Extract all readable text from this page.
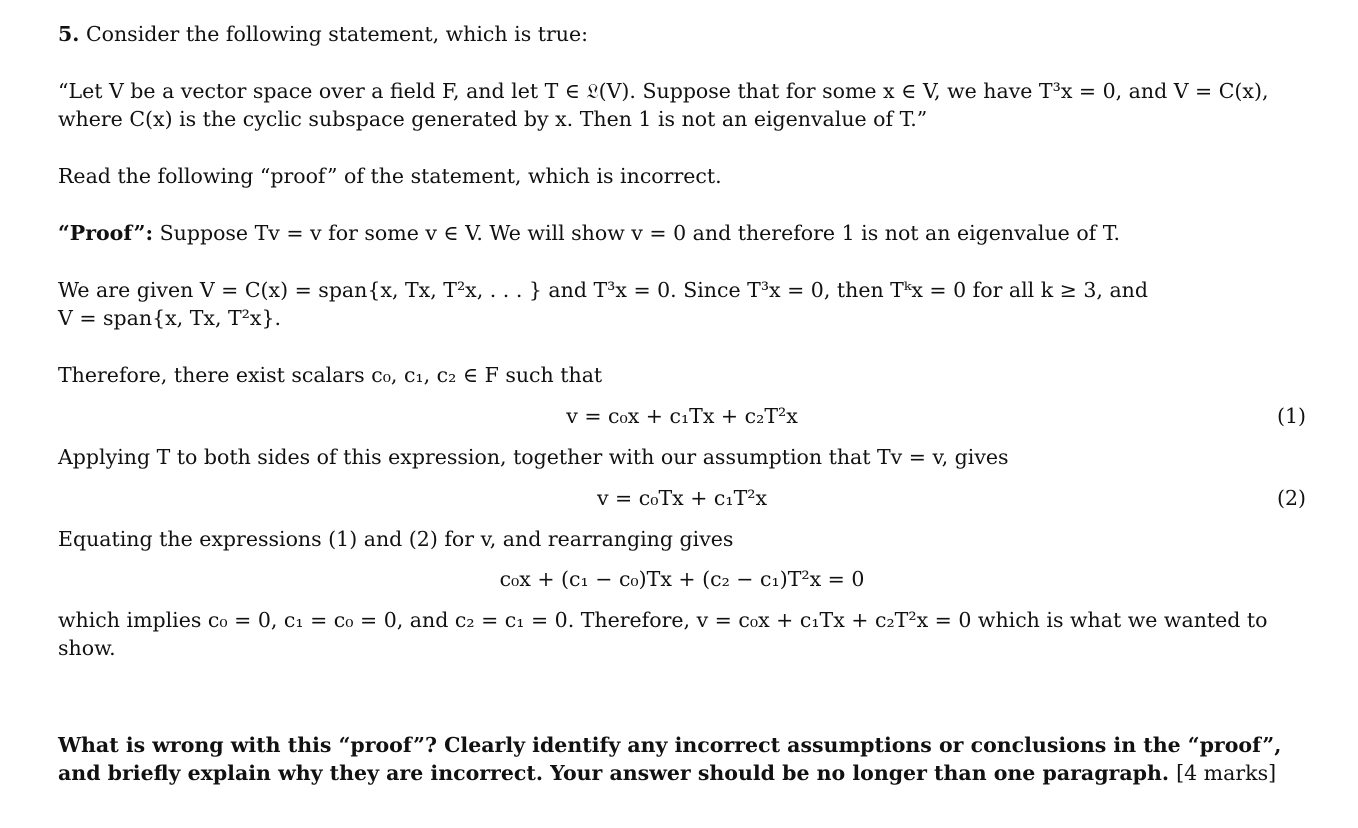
5. Consider the following statement, which is true:
“Let V be a vector space over a field F, and let T ∈ 𝔏(V). Suppose that for some x ∈ V, we have T³x = 0, and V = C(x),
where C(x) is the cyclic subspace generated by x. Then 1 is not an eigenvalue of T.”
Read the following “proof” of the statement, which is incorrect.
“Proof”: Suppose Tv = v for some v ∈ V. We will show v = 0 and therefore 1 is not an eigenvalue of T.
We are given V = C(x) = span{x, Tx, T²x, . . . } and T³x = 0. Since T³x = 0, then Tᵏx = 0 for all k ≥ 3, and
V = span{x, Tx, T²x}.
Therefore, there exist scalars c₀, c₁, c₂ ∈ F such that
v = c₀x + c₁Tx + c₂T²x	(1)
Applying T to both sides of this expression, together with our assumption that Tv = v, gives
v = c₀Tx + c₁T²x	(2)
Equating the expressions (1) and (2) for v, and rearranging gives
c₀x + (c₁ − c₀)Tx + (c₂ − c₁)T²x = 0
which implies c₀ = 0, c₁ = c₀ = 0, and c₂ = c₁ = 0. Therefore, v = c₀x + c₁Tx + c₂T²x = 0 which is what we wanted to
show.
What is wrong with this “proof”? Clearly identify any incorrect assumptions or conclusions in the “proof”,
and briefly explain why they are incorrect. Your answer should be no longer than one paragraph. [4 marks]
